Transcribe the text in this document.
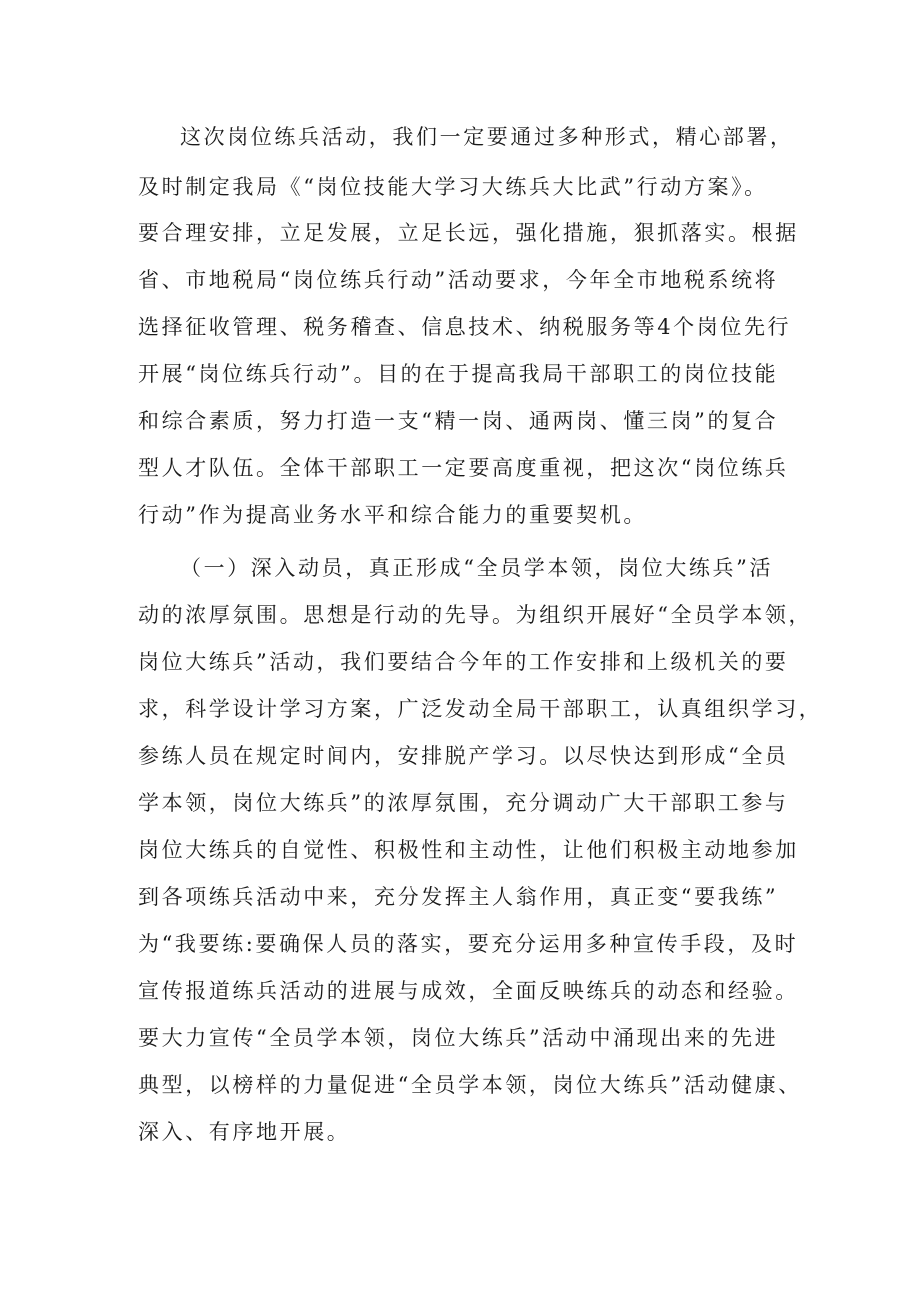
这次岗位练兵活动，我们一定要通过多种形式，精心部署，

及时制定我局《“岗位技能大学习大练兵大比武”行动方案》。

要合理安排，立足发展，立足长远，强化措施，狠抓落实。根据

省、市地税局“岗位练兵行动”活动要求，今年全市地税系统将

选择征收管理、税务稽查、信息技术、纳税服务等4个岗位先行

开展“岗位练兵行动”。目的在于提高我局干部职工的岗位技能

和综合素质，努力打造一支“精一岗、通两岗、懂三岗”的复合

型人才队伍。全体干部职工一定要高度重视，把这次“岗位练兵

行动”作为提高业务水平和综合能力的重要契机。

（一）深入动员，真正形成“全员学本领，岗位大练兵”活

动的浓厚氛围。思想是行动的先导。为组织开展好“全员学本领，

岗位大练兵”活动，我们要结合今年的工作安排和上级机关的要

求，科学设计学习方案，广泛发动全局干部职工，认真组织学习，

参练人员在规定时间内，安排脱产学习。以尽快达到形成“全员

学本领，岗位大练兵”的浓厚氛围，充分调动广大干部职工参与

岗位大练兵的自觉性、积极性和主动性，让他们积极主动地参加

到各项练兵活动中来，充分发挥主人翁作用，真正变“要我练”

为“我要练:要确保人员的落实，要充分运用多种宣传手段，及时

宣传报道练兵活动的进展与成效，全面反映练兵的动态和经验。

要大力宣传“全员学本领，岗位大练兵”活动中涌现出来的先进

典型，以榜样的力量促进“全员学本领，岗位大练兵”活动健康、

深入、有序地开展。
